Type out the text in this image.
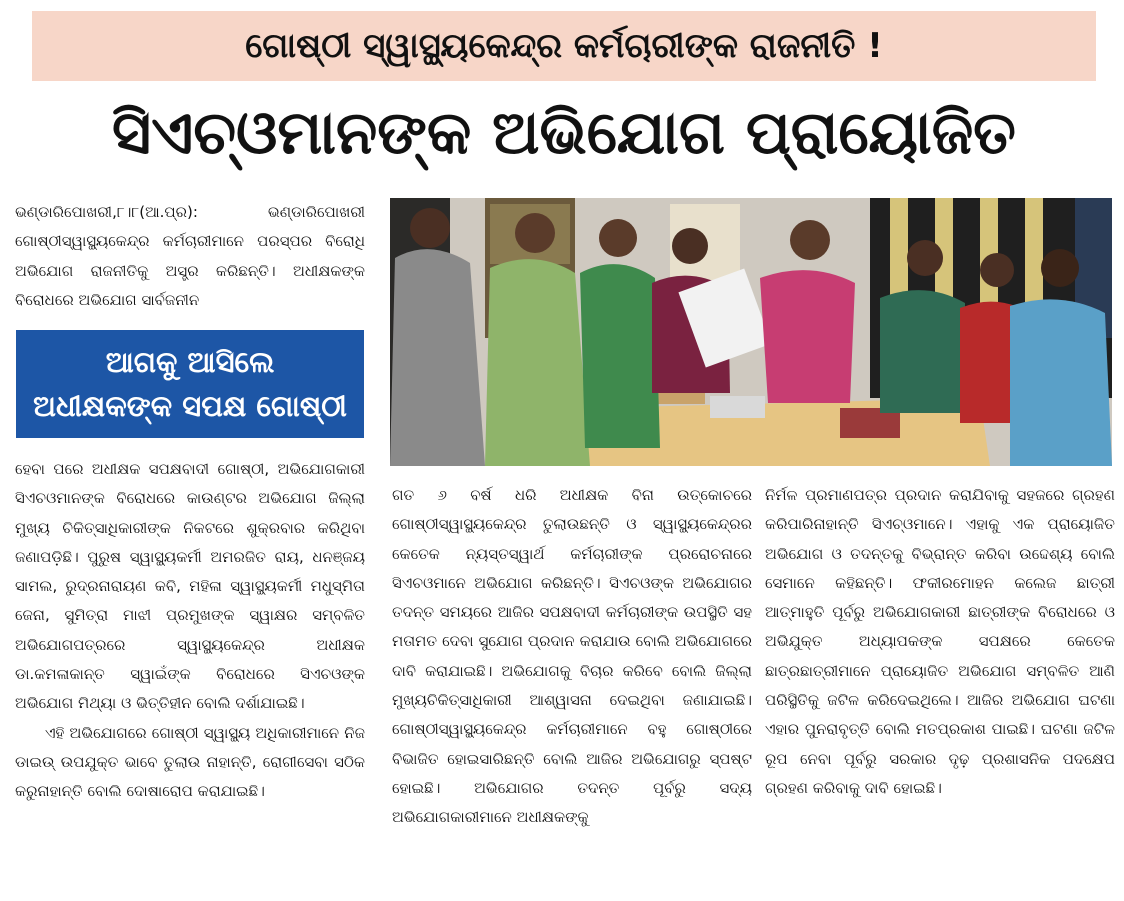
ଗୋଷ୍ଠୀ ସ୍ୱାସ୍ଥ୍ୟକେନ୍ଦ୍ର କର୍ମଚାରୀଙ୍କ ରାଜନୀତି !
ସିଏଚ୍‌ଓମାନଙ୍କ ଅଭିଯୋଗ ପ୍ରାୟୋଜିତ

ଭଣ୍ଡାରିପୋଖରୀ,୮।୮(ଆ.ପ୍ର): ଭଣ୍ଡାରିପୋଖରୀ ଗୋଷ୍ଠୀସ୍ୱାସ୍ଥ୍ୟକେନ୍ଦ୍ର କର୍ମଚାରୀମାନେ ପରସ୍ପର ବିରୋଧି ଅଭିଯୋଗ ରାଜନୀତିକୁ ଅସ୍ତ୍ର କରିଛନ୍ତି। ଅଧୀକ୍ଷକଙ୍କ ବିରୋଧରେ ଅଭିଯୋଗ ସାର୍ବଜନୀନ

ଆଗକୁ ଆସିଲେ
ଅଧୀକ୍ଷକଙ୍କ ସପକ୍ଷ ଗୋଷ୍ଠୀ

ହେବା ପରେ ଅଧୀକ୍ଷକ ସପକ୍ଷବାଦୀ ଗୋଷ୍ଠୀ, ଅଭିଯୋଗକାରୀ ସିଏଚଓମାନଙ୍କ ବିରୋଧରେ କାଉଣ୍ଟର ଅଭିଯୋଗ ଜିଲ୍ଲା ମୁଖ୍ୟ ଚିକିତ୍ସାଧିକାରୀଙ୍କ ନିକଟରେ ଶୁକ୍ରବାର କରିଥିବା ଜଣାପଡ଼ିଛି। ପୁରୁଷ ସ୍ୱାସ୍ଥ୍ୟକର୍ମୀ ଅମରଜିତ ରାୟ, ଧନଞ୍ଜୟ ସାମଲ, ରୁଦ୍ରନାରାୟଣ କବି, ମହିଳା ସ୍ୱାସ୍ଥ୍ୟକର୍ମୀ ମଧୁସ୍ମିତା ଜେନା, ସୁମିତ୍ରା ମାଝୀ ପ୍ରମୁଖଙ୍କ ସ୍ୱାକ୍ଷର ସମ୍ବଳିତ ଅଭିଯୋଗପତ୍ରରେ ସ୍ୱାସ୍ଥ୍ୟକେନ୍ଦ୍ର ଅଧୀକ୍ଷକ ଡା.କମଳାକାନ୍ତ ସ୍ୱାଇଁଙ୍କ ବିରୋଧରେ ସିଏଚଓଙ୍କ ଅଭିଯୋଗ ମିଥ୍ୟା ଓ ଭିତ୍ତିହୀନ ବୋଲି ଦର୍ଶାଯାଇଛି।

ଏହି ଅଭିଯୋଗରେ ଗୋଷ୍ଠୀ ସ୍ୱାସ୍ଥ୍ୟ ଅଧିକାରୀମାନେ ନିଜ ଡାଇଉ୍ ଉପଯୁକ୍ତ ଭାବେ ତୁଲାଉ ନାହାନ୍ତି, ରୋଗୀସେବା ସଠିକ କରୁନାହାନ୍ତି ବୋଲି ଦୋଷାରୋପ କରାଯାଇଛି।

ଗତ ୬ ବର୍ଷ ଧରି ଅଧୀକ୍ଷକ ବିନା ଉତ୍କୋଚରେ ଗୋଷ୍ଠୀସ୍ୱାସ୍ଥ୍ୟକେନ୍ଦ୍ର ତୁଲାଉଛନ୍ତି ଓ ସ୍ୱାସ୍ଥ୍ୟକେନ୍ଦ୍ରର କେତେକ ନ୍ୟସ୍ତସ୍ୱାର୍ଥ କର୍ମଚାରୀଙ୍କ ପ୍ରରୋଚନାରେ ସିଏଚଓମାନେ ଅଭିଯୋଗ କରିଛନ୍ତି। ସିଏଚଓଙ୍କ ଅଭିଯୋଗର ତଦନ୍ତ ସମୟରେ ଆଜିର ସପକ୍ଷବାଦୀ କର୍ମଚାରୀଙ୍କ ଉପସ୍ଥିତି ସହ ମତାମତ ଦେବା ସୁଯୋଗ ପ୍ରଦାନ କରାଯାଉ ବୋଲି ଅଭିଯୋଗରେ ଦାବି କରାଯାଇଛି। ଅଭିଯୋଗକୁ ବିଚାର କରିବେ ବୋଲି ଜିଲ୍ଲା ମୁଖ୍ୟଚିକିତ୍ସାଧିକାରୀ ଆଶ୍ୱାସନା ଦେଇଥିବା ଜଣାଯାଇଛି। ଗୋଷ୍ଠୀସ୍ୱାସ୍ଥ୍ୟକେନ୍ଦ୍ର କର୍ମଚାରୀମାନେ ବହୁ ଗୋଷ୍ଠୀରେ ବିଭାଜିତ ହୋଇସାରିଛନ୍ତି ବୋଲି ଆଜିର ଅଭିଯୋଗରୁ ସ୍ପଷ୍ଟ ହୋଇଛି। ଅଭିଯୋଗର ତଦନ୍ତ ପୂର୍ବରୁ ସଦ୍ୟ ଅଭିଯୋଗକାରୀମାନେ ଅଧୀକ୍ଷକଙ୍କୁ

ନିର୍ମଳ ପ୍ରମାଣପତ୍ର ପ୍ରଦାନ କରାଯିବାକୁ ସହଜରେ ଗ୍ରହଣ କରିପାରିନାହାନ୍ତି ସିଏଚ୍‌ଓମାନେ। ଏହାକୁ ଏକ ପ୍ରାୟୋଜିତ ଅଭିଯୋଗ ଓ ତଦନ୍ତକୁ ବିଭ୍ରାନ୍ତ କରିବା ଉଦ୍ଦେଶ୍ୟ ବୋଲି ସେମାନେ କହିଛନ୍ତି। ଫକୀରମୋହନ କଲେଜ ଛାତ୍ରୀ ଆତ୍ମାହୁତି ପୂର୍ବରୁ ଅଭିଯୋଗକାରୀ ଛାତ୍ରୀଙ୍କ ବିରୋଧରେ ଓ ଅଭିଯୁକ୍ତ ଅଧ୍ୟାପକଙ୍କ ସପକ୍ଷରେ କେତେକ ଛାତ୍ରଛାତ୍ରୀମାନେ ପ୍ରାୟୋଜିତ ଅଭିଯୋଗ ସମ୍ବଳିତ ଆଣି ପରିସ୍ଥିତିକୁ ଜଟିଳ କରିଦେଇଥିଲେ। ଆଜିର ଅଭିଯୋଗ ଘଟଣା ଏହାର ପୁନରାବୃତ୍ତି ବୋଲି ମତପ୍ରକାଶ ପାଇଛି। ଘଟଣା ଜଟିଳ ରୂପ ନେବା ପୂର୍ବରୁ ସରକାର ଦୃଢ଼ ପ୍ରଶାସନିକ ପଦକ୍ଷେପ ଗ୍ରହଣ କରିବାକୁ ଦାବି ହୋଇଛି।
